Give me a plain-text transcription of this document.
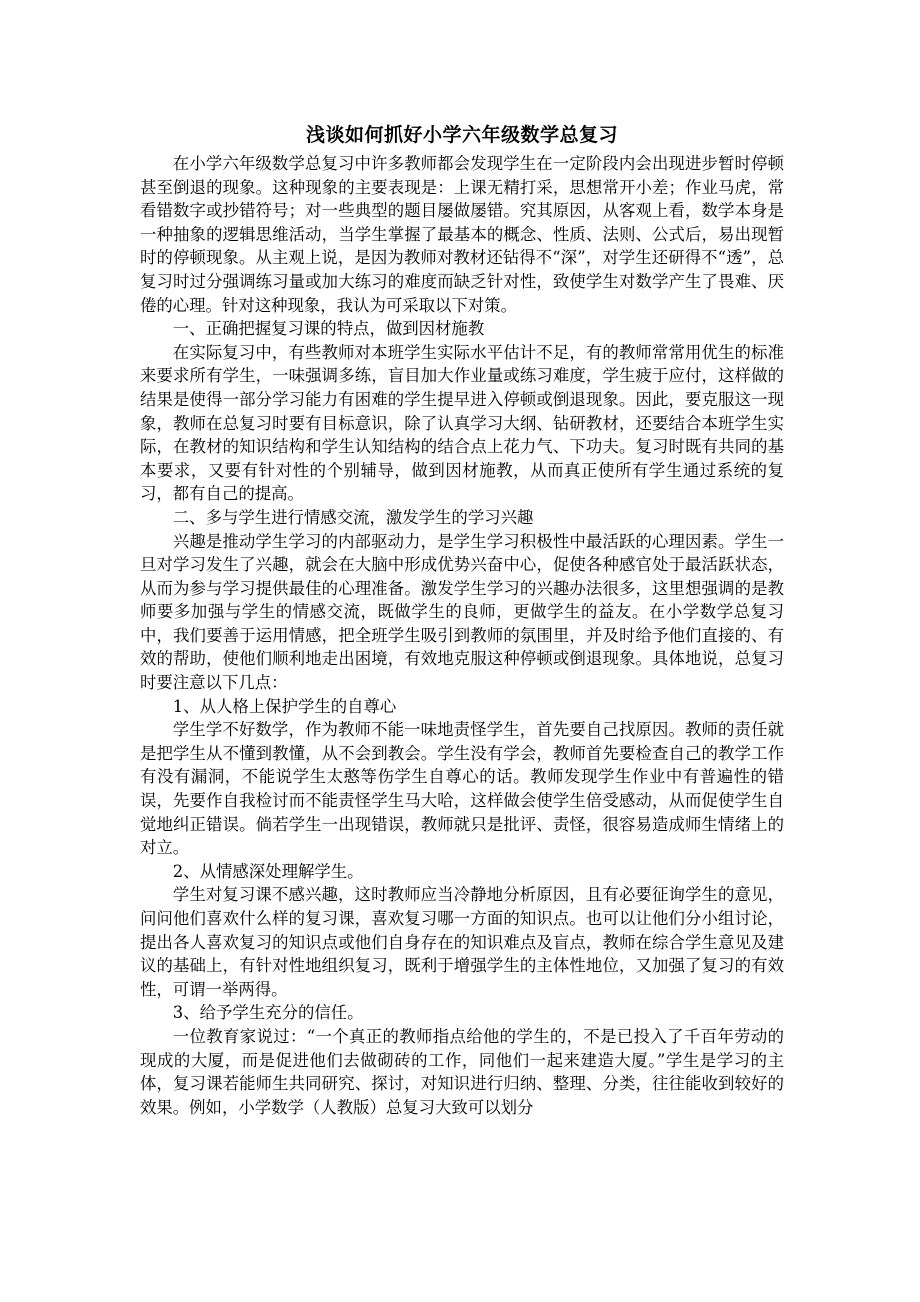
浅谈如何抓好小学六年级数学总复习

在小学六年级数学总复习中许多教师都会发现学生在一定阶段内会出现进步暂时停顿甚至倒退的现象。这种现象的主要表现是：上课无精打采，思想常开小差；作业马虎，常看错数字或抄错符号；对一些典型的题目屡做屡错。究其原因，从客观上看，数学本身是一种抽象的逻辑思维活动，当学生掌握了最基本的概念、性质、法则、公式后，易出现暂时的停顿现象。从主观上说，是因为教师对教材还钻得不“深”，对学生还研得不“透”，总复习时过分强调练习量或加大练习的难度而缺乏针对性，致使学生对数学产生了畏难、厌倦的心理。针对这种现象，我认为可采取以下对策。

一、正确把握复习课的特点，做到因材施教

在实际复习中，有些教师对本班学生实际水平估计不足，有的教师常常用优生的标准来要求所有学生，一味强调多练，盲目加大作业量或练习难度，学生疲于应付，这样做的结果是使得一部分学习能力有困难的学生提早进入停顿或倒退现象。因此，要克服这一现象，教师在总复习时要有目标意识，除了认真学习大纲、钻研教材，还要结合本班学生实际，在教材的知识结构和学生认知结构的结合点上花力气、下功夫。复习时既有共同的基本要求，又要有针对性的个别辅导，做到因材施教，从而真正使所有学生通过系统的复习，都有自己的提高。

二、多与学生进行情感交流，激发学生的学习兴趣

兴趣是推动学生学习的内部驱动力，是学生学习积极性中最活跃的心理因素。学生一旦对学习发生了兴趣，就会在大脑中形成优势兴奋中心，促使各种感官处于最活跃状态，从而为参与学习提供最佳的心理准备。激发学生学习的兴趣办法很多，这里想强调的是教师要多加强与学生的情感交流，既做学生的良师，更做学生的益友。在小学数学总复习中，我们要善于运用情感，把全班学生吸引到教师的氛围里，并及时给予他们直接的、有效的帮助，使他们顺利地走出困境，有效地克服这种停顿或倒退现象。具体地说，总复习时要注意以下几点：

1、从人格上保护学生的自尊心

学生学不好数学，作为教师不能一味地责怪学生，首先要自己找原因。教师的责任就是把学生从不懂到教懂，从不会到教会。学生没有学会，教师首先要检查自己的教学工作有没有漏洞，不能说学生太憨等伤学生自尊心的话。教师发现学生作业中有普遍性的错误，先要作自我检讨而不能责怪学生马大哈，这样做会使学生倍受感动，从而促使学生自觉地纠正错误。倘若学生一出现错误，教师就只是批评、责怪，很容易造成师生情绪上的对立。

2、从情感深处理解学生。

学生对复习课不感兴趣，这时教师应当冷静地分析原因，且有必要征询学生的意见，问问他们喜欢什么样的复习课，喜欢复习哪一方面的知识点。也可以让他们分小组讨论，提出各人喜欢复习的知识点或他们自身存在的知识难点及盲点，教师在综合学生意见及建议的基础上，有针对性地组织复习，既利于增强学生的主体性地位，又加强了复习的有效性，可谓一举两得。

3、给予学生充分的信任。

一位教育家说过：“一个真正的教师指点给他的学生的，不是已投入了千百年劳动的现成的大厦，而是促进他们去做砌砖的工作，同他们一起来建造大厦。”学生是学习的主体，复习课若能师生共同研究、探讨，对知识进行归纳、整理、分类，往往能收到较好的效果。例如，小学数学（人教版）总复习大致可以划分
